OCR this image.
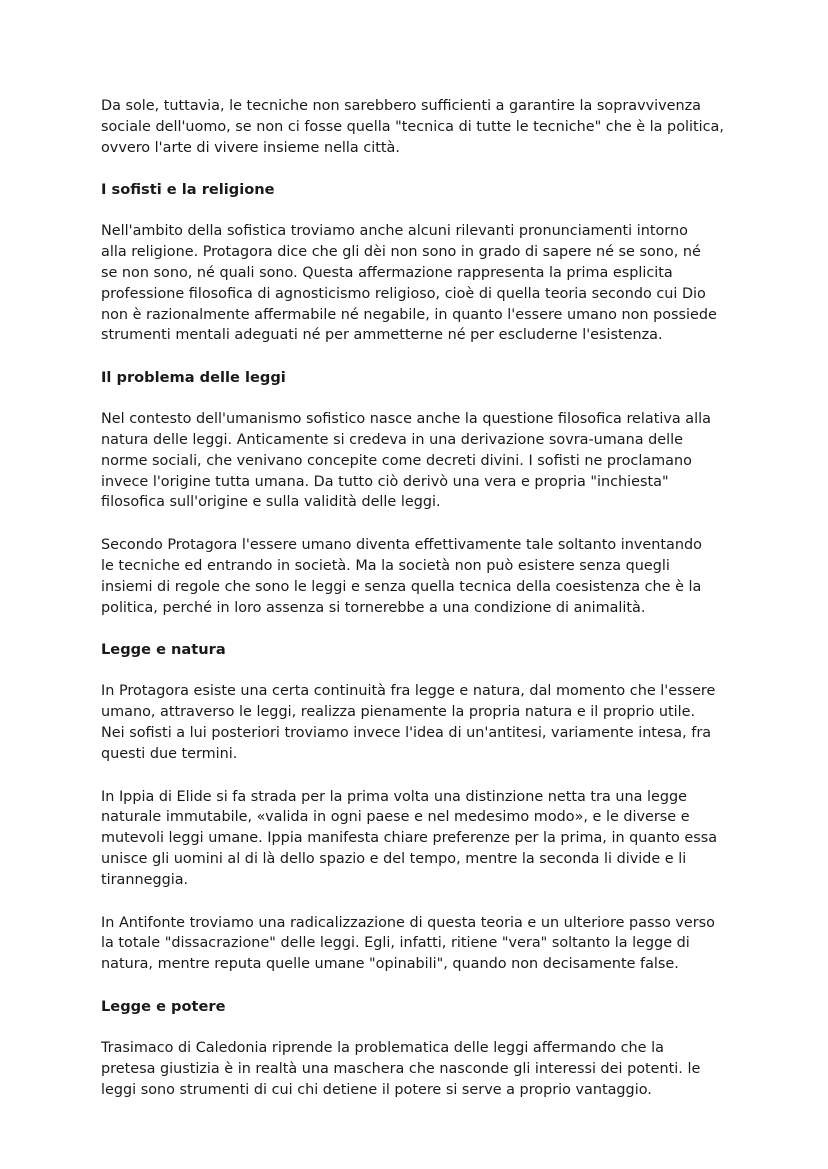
Da sole, tuttavia, le tecniche non sarebbero sufficienti a garantire la sopravvivenza
sociale dell'uomo, se non ci fosse quella "tecnica di tutte le tecniche" che è la politica,
ovvero l'arte di vivere insieme nella città.

I sofisti e la religione

Nell'ambito della sofistica troviamo anche alcuni rilevanti pronunciamenti intorno
alla religione. Protagora dice che gli dèi non sono in grado di sapere né se sono, né
se non sono, né quali sono. Questa affermazione rappresenta la prima esplicita
professione filosofica di agnosticismo religioso, cioè di quella teoria secondo cui Dio
non è razionalmente affermabile né negabile, in quanto l'essere umano non possiede
strumenti mentali adeguati né per ammetterne né per escluderne l'esistenza.

Il problema delle leggi

Nel contesto dell'umanismo sofistico nasce anche la questione filosofica relativa alla
natura delle leggi. Anticamente si credeva in una derivazione sovra-umana delle
norme sociali, che venivano concepite come decreti divini. I sofisti ne proclamano
invece l'origine tutta umana. Da tutto ciò derivò una vera e propria "inchiesta"
filosofica sull'origine e sulla validità delle leggi.

Secondo Protagora l'essere umano diventa effettivamente tale soltanto inventando
le tecniche ed entrando in società. Ma la società non può esistere senza quegli
insiemi di regole che sono le leggi e senza quella tecnica della coesistenza che è la
politica, perché in loro assenza si tornerebbe a una condizione di animalità.

Legge e natura

In Protagora esiste una certa continuità fra legge e natura, dal momento che l'essere
umano, attraverso le leggi, realizza pienamente la propria natura e il proprio utile.
Nei sofisti a lui posteriori troviamo invece l'idea di un'antitesi, variamente intesa, fra
questi due termini.

In Ippia di Elide si fa strada per la prima volta una distinzione netta tra una legge
naturale immutabile, «valida in ogni paese e nel medesimo modo», e le diverse e
mutevoli leggi umane. Ippia manifesta chiare preferenze per la prima, in quanto essa
unisce gli uomini al di là dello spazio e del tempo, mentre la seconda li divide e li
tiranneggia.

In Antifonte troviamo una radicalizzazione di questa teoria e un ulteriore passo verso
la totale "dissacrazione" delle leggi. Egli, infatti, ritiene "vera" soltanto la legge di
natura, mentre reputa quelle umane "opinabili", quando non decisamente false.

Legge e potere

Trasimaco di Caledonia riprende la problematica delle leggi affermando che la
pretesa giustizia è in realtà una maschera che nasconde gli interessi dei potenti. le
leggi sono strumenti di cui chi detiene il potere si serve a proprio vantaggio.
